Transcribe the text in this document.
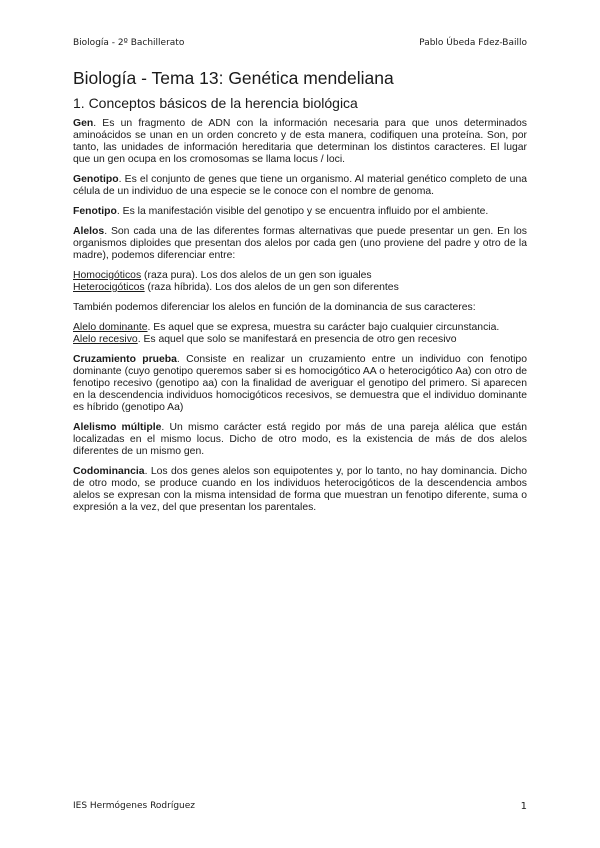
Biología - 2º Bachillerato	Pablo Úbeda Fdez-Baillo
Biología - Tema 13: Genética mendeliana
1. Conceptos básicos de la herencia biológica

Gen. Es un fragmento de ADN con la información necesaria para que unos determinados aminoácidos se unan en un orden concreto y de esta manera, codifiquen una proteína. Son, por tanto, las unidades de información hereditaria que determinan los distintos caracteres. El lugar que un gen ocupa en los cromosomas se llama locus / loci.

Genotipo. Es el conjunto de genes que tiene un organismo. Al material genético completo de una célula de un individuo de una especie se le conoce con el nombre de genoma.

Fenotipo. Es la manifestación visible del genotipo y se encuentra influido por el ambiente.

Alelos. Son cada una de las diferentes formas alternativas que puede presentar un gen. En los organismos diploides que presentan dos alelos por cada gen (uno proviene del padre y otro de la madre), podemos diferenciar entre:

Homocigóticos (raza pura). Los dos alelos de un gen son iguales

Heterocigóticos (raza híbrida). Los dos alelos de un gen son diferentes

También podemos diferenciar los alelos en función de la dominancia de sus caracteres:

Alelo dominante. Es aquel que se expresa, muestra su carácter bajo cualquier circunstancia.

Alelo recesivo. Es aquel que solo se manifestará en presencia de otro gen recesivo

Cruzamiento prueba. Consiste en realizar un cruzamiento entre un individuo con fenotipo dominante (cuyo genotipo queremos saber si es homocigótico AA o heterocigótico Aa) con otro de fenotipo recesivo (genotipo aa) con la finalidad de averiguar el genotipo del primero. Si aparecen en la descendencia individuos homocigóticos recesivos, se demuestra que el individuo dominante es híbrido (genotipo Aa)

Alelismo múltiple. Un mismo carácter está regido por más de una pareja alélica que están localizadas en el mismo locus. Dicho de otro modo, es la existencia de más de dos alelos diferentes de un mismo gen.

Codominancia. Los dos genes alelos son equipotentes y, por lo tanto, no hay dominancia. Dicho de otro modo, se produce cuando en los individuos heterocigóticos de la descendencia ambos alelos se expresan con la misma intensidad de forma que muestran un fenotipo diferente, suma o expresión a la vez, del que presentan los parentales.

IES Hermógenes Rodríguez	1
